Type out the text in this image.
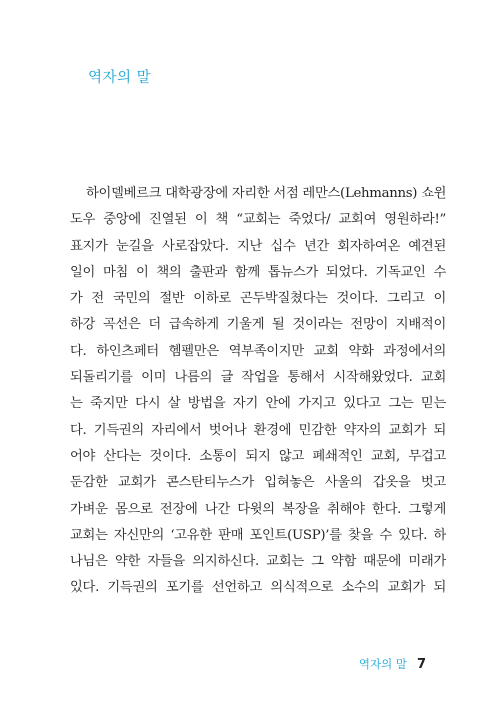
역자의 말
하이델베르크 대학광장에 자리한 서점 레만스(Lehmanns) 쇼윈
도우 중앙에 진열된 이 책 “교회는 죽었다/ 교회여 영원하라!”
표지가 눈길을 사로잡았다. 지난 십수 년간 회자하여온 예견된
일이 마침 이 책의 출판과 함께 톱뉴스가 되었다. 기독교인 수
가 전 국민의 절반 이하로 곤두박질쳤다는 것이다. 그리고 이
하강 곡선은 더 급속하게 기울게 될 것이라는 전망이 지배적이
다. 하인츠페터 헴펠만은 역부족이지만 교회 약화 과정에서의
되돌리기를 이미 나름의 글 작업을 통해서 시작해왔었다. 교회
는 죽지만 다시 살 방법을 자기 안에 가지고 있다고 그는 믿는
다. 기득권의 자리에서 벗어나 환경에 민감한 약자의 교회가 되
어야 산다는 것이다. 소통이 되지 않고 폐쇄적인 교회, 무겁고
둔감한 교회가 콘스탄티누스가 입혀놓은 사울의 갑옷을 벗고
가벼운 몸으로 전장에 나간 다윗의 복장을 취해야 한다. 그렇게
교회는 자신만의 ‘고유한 판매 포인트(USP)’를 찾을 수 있다. 하
나님은 약한 자들을 의지하신다. 교회는 그 약함 때문에 미래가
있다. 기득권의 포기를 선언하고 의식적으로 소수의 교회가 되
역자의 말 7
